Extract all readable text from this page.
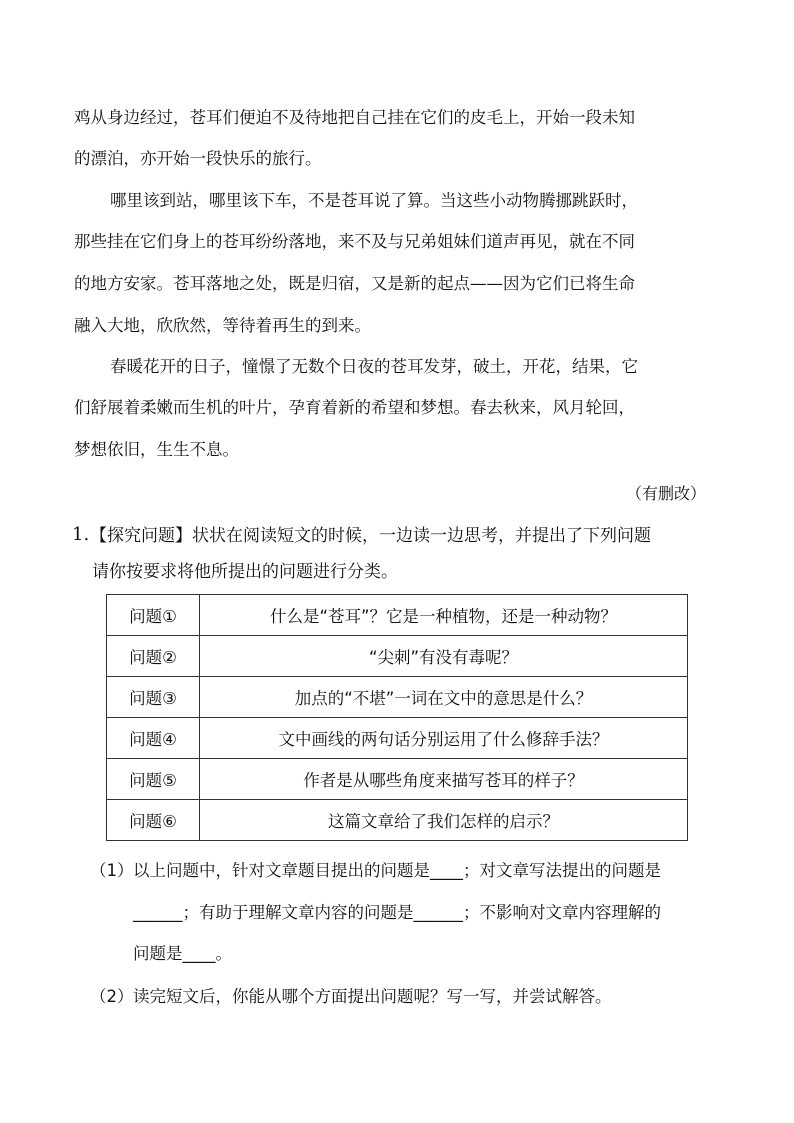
鸡从身边经过，苍耳们便迫不及待地把自己挂在它们的皮毛上，开始一段未知
的漂泊，亦开始一段快乐的旅行。
哪里该到站，哪里该下车，不是苍耳说了算。当这些小动物腾挪跳跃时，
那些挂在它们身上的苍耳纷纷落地，来不及与兄弟姐妹们道声再见，就在不同
的地方安家。苍耳落地之处，既是归宿，又是新的起点——因为它们已将生命
融入大地，欣欣然，等待着再生的到来。
春暖花开的日子，憧憬了无数个日夜的苍耳发芽，破土，开花，结果，它
们舒展着柔嫩而生机的叶片，孕育着新的希望和梦想。春去秋来，风月轮回，
梦想依旧，生生不息。
（有删改）
1. 【探究问题】状状在阅读短文的时候，一边读一边思考，并提出了下列问题
请你按要求将他所提出的问题进行分类。
问题①	什么是“苍耳”？它是一种植物，还是一种动物？
问题②	“尖刺”有没有毒呢？
问题③	加点的“不堪”一词在文中的意思是什么？
问题④	文中画线的两句话分别运用了什么修辞手法？
问题⑤	作者是从哪些角度来描写苍耳的样子？
问题⑥	这篇文章给了我们怎样的启示？
（1） 以上问题中，针对文章题目提出的问题是____；对文章写法提出的问题是
______；有助于理解文章内容的问题是______；不影响对文章内容理解的
问题是____。
（2） 读完短文后，你能从哪个方面提出问题呢？写一写，并尝试解答。
